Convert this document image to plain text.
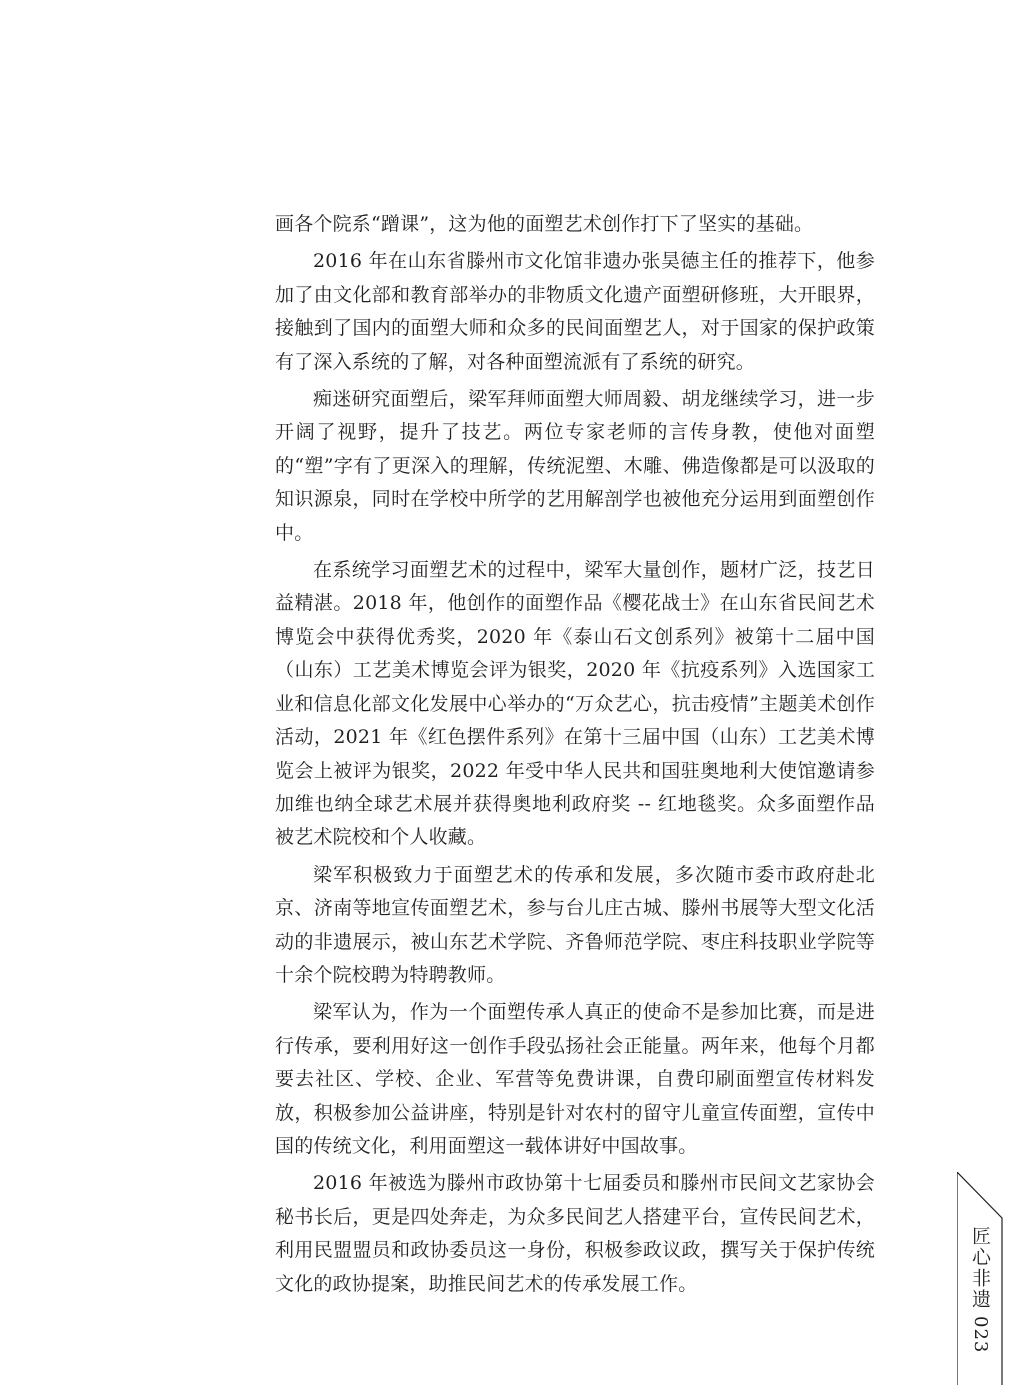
画各个院系“蹭课”，这为他的面塑艺术创作打下了坚实的基础。

2016 年在山东省滕州市文化馆非遗办张昊德主任的推荐下，他参加了由文化部和教育部举办的非物质文化遗产面塑研修班，大开眼界，接触到了国内的面塑大师和众多的民间面塑艺人，对于国家的保护政策有了深入系统的了解，对各种面塑流派有了系统的研究。

痴迷研究面塑后，梁军拜师面塑大师周毅、胡龙继续学习，进一步开阔了视野，提升了技艺。两位专家老师的言传身教，使他对面塑的“塑”字有了更深入的理解，传统泥塑、木雕、佛造像都是可以汲取的知识源泉，同时在学校中所学的艺用解剖学也被他充分运用到面塑创作中。

在系统学习面塑艺术的过程中，梁军大量创作，题材广泛，技艺日益精湛。2018 年，他创作的面塑作品《樱花战士》在山东省民间艺术博览会中获得优秀奖，2020 年《泰山石文创系列》被第十二届中国（山东）工艺美术博览会评为银奖，2020 年《抗疫系列》入选国家工业和信息化部文化发展中心举办的“万众艺心，抗击疫情”主题美术创作活动，2021 年《红色摆件系列》在第十三届中国（山东）工艺美术博览会上被评为银奖，2022 年受中华人民共和国驻奥地利大使馆邀请参加维也纳全球艺术展并获得奥地利政府奖 -- 红地毯奖。众多面塑作品被艺术院校和个人收藏。

梁军积极致力于面塑艺术的传承和发展，多次随市委市政府赴北京、济南等地宣传面塑艺术，参与台儿庄古城、滕州书展等大型文化活动的非遗展示，被山东艺术学院、齐鲁师范学院、枣庄科技职业学院等十余个院校聘为特聘教师。

梁军认为，作为一个面塑传承人真正的使命不是参加比赛，而是进行传承，要利用好这一创作手段弘扬社会正能量。两年来，他每个月都要去社区、学校、企业、军营等免费讲课，自费印刷面塑宣传材料发放，积极参加公益讲座，特别是针对农村的留守儿童宣传面塑，宣传中国的传统文化，利用面塑这一载体讲好中国故事。

2016 年被选为滕州市政协第十七届委员和滕州市民间文艺家协会秘书长后，更是四处奔走，为众多民间艺人搭建平台，宣传民间艺术，利用民盟盟员和政协委员这一身份，积极参政议政，撰写关于保护传统文化的政协提案，助推民间艺术的传承发展工作。	匠心非遗
023
